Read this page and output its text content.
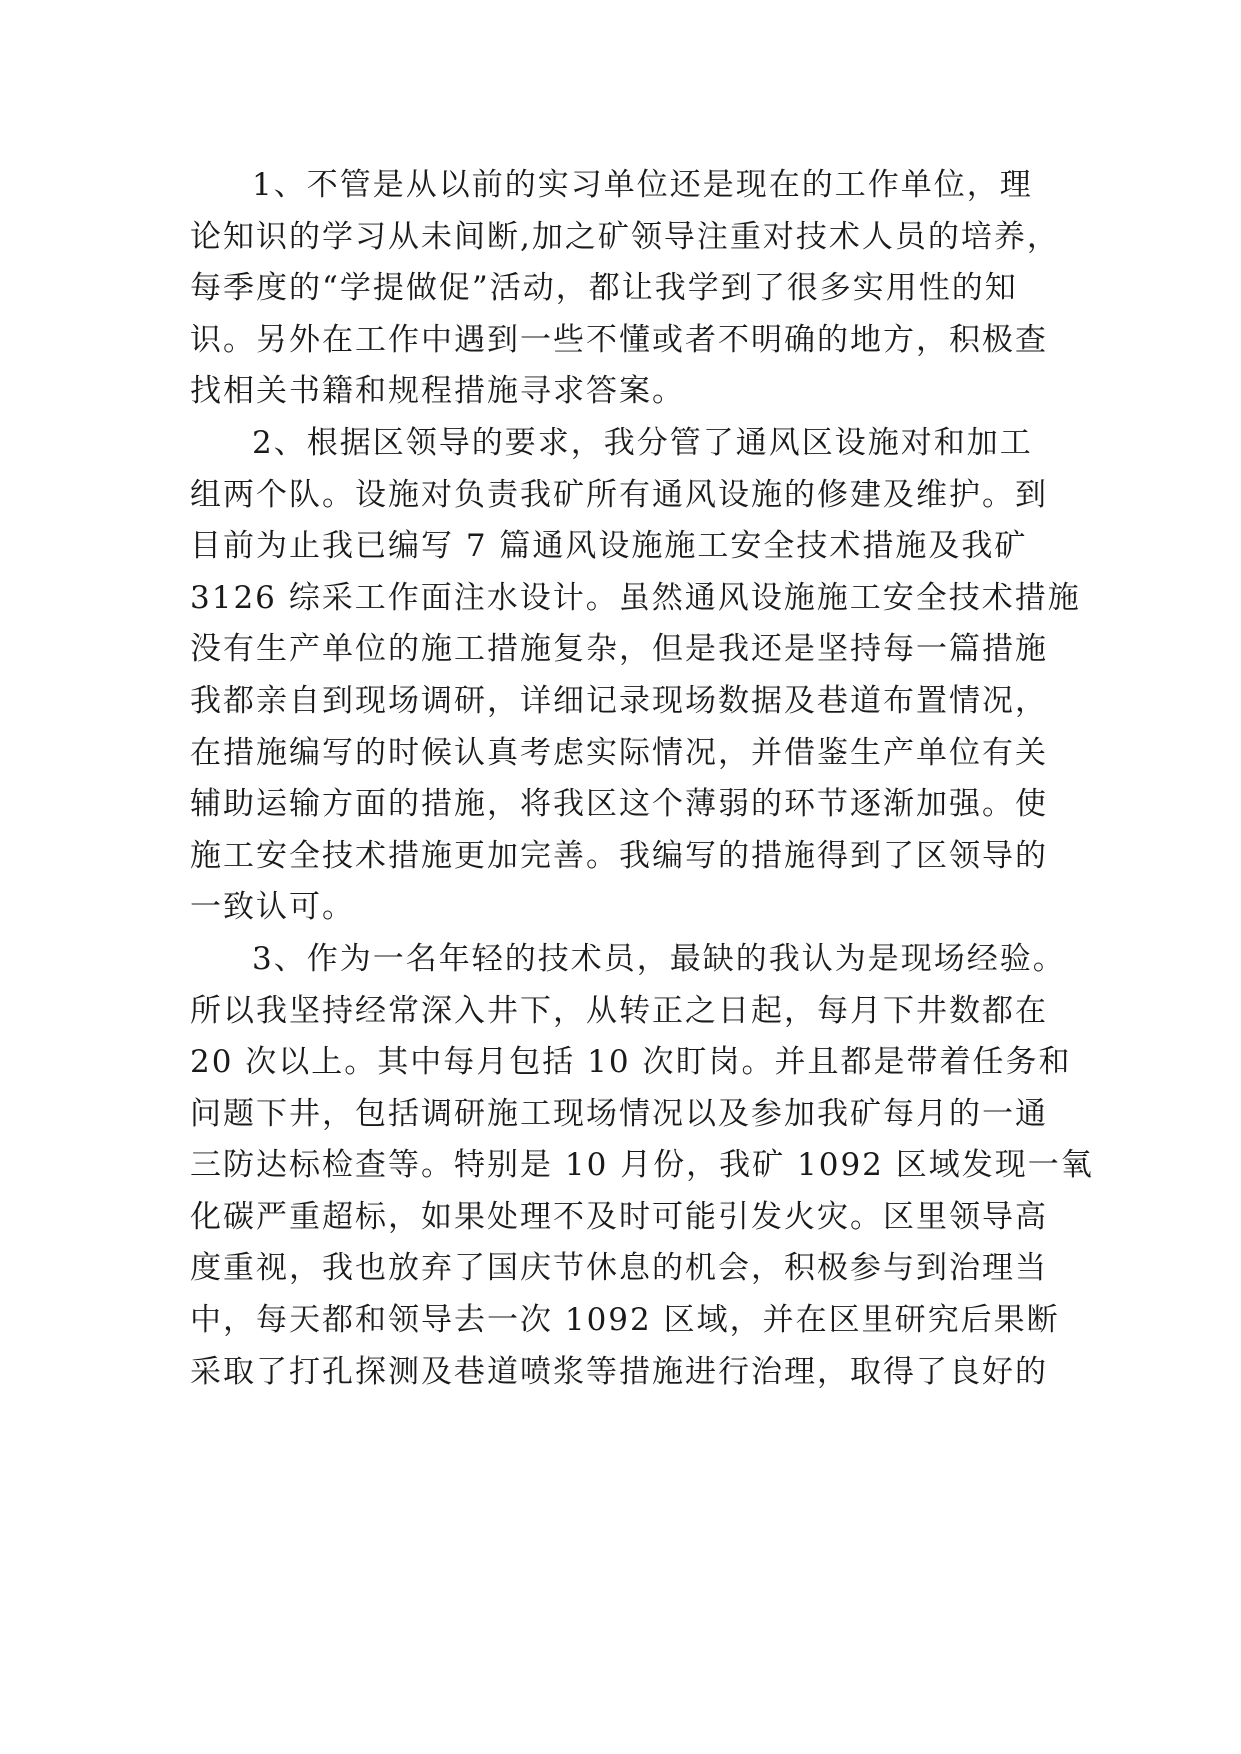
1、不管是从以前的实习单位还是现在的工作单位，理
论知识的学习从未间断,加之矿领导注重对技术人员的培养，
每季度的“学提做促”活动，都让我学到了很多实用性的知
识。另外在工作中遇到一些不懂或者不明确的地方，积极查
找相关书籍和规程措施寻求答案。
2、根据区领导的要求，我分管了通风区设施对和加工
组两个队。设施对负责我矿所有通风设施的修建及维护。到
目前为止我已编写 7 篇通风设施施工安全技术措施及我矿
3126 综采工作面注水设计。虽然通风设施施工安全技术措施
没有生产单位的施工措施复杂，但是我还是坚持每一篇措施
我都亲自到现场调研，详细记录现场数据及巷道布置情况，
在措施编写的时候认真考虑实际情况，并借鉴生产单位有关
辅助运输方面的措施，将我区这个薄弱的环节逐渐加强。使
施工安全技术措施更加完善。我编写的措施得到了区领导的
一致认可。
3、作为一名年轻的技术员，最缺的我认为是现场经验。
所以我坚持经常深入井下，从转正之日起，每月下井数都在
20 次以上。其中每月包括 10 次盯岗。并且都是带着任务和
问题下井，包括调研施工现场情况以及参加我矿每月的一通
三防达标检查等。特别是 10 月份，我矿 1092 区域发现一氧
化碳严重超标，如果处理不及时可能引发火灾。区里领导高
度重视，我也放弃了国庆节休息的机会，积极参与到治理当
中，每天都和领导去一次 1092 区域，并在区里研究后果断
采取了打孔探测及巷道喷浆等措施进行治理，取得了良好的
